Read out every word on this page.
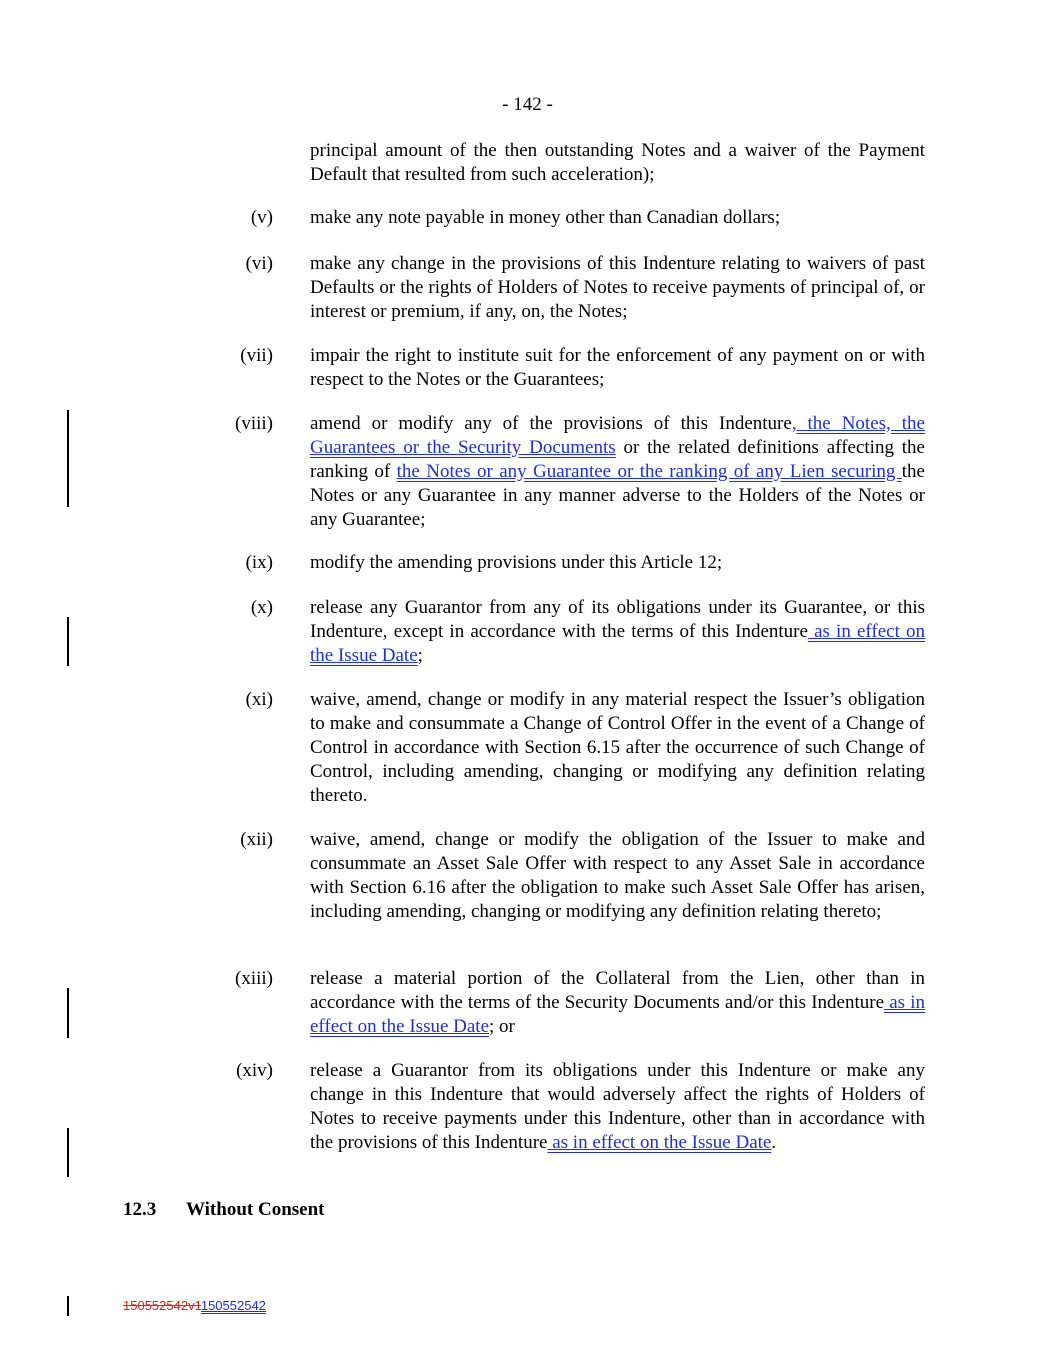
- 142 -
principal amount of the then outstanding Notes and a waiver of the Payment Default that resulted from such acceleration);
(v) make any note payable in money other than Canadian dollars;
(vi) make any change in the provisions of this Indenture relating to waivers of past Defaults or the rights of Holders of Notes to receive payments of principal of, or interest or premium, if any, on, the Notes;
(vii) impair the right to institute suit for the enforcement of any payment on or with respect to the Notes or the Guarantees;
(viii) amend or modify any of the provisions of this Indenture, the Notes, the Guarantees or the Security Documents or the related definitions affecting the ranking of the Notes or any Guarantee or the ranking of any Lien securing the Notes or any Guarantee in any manner adverse to the Holders of the Notes or any Guarantee;
(ix) modify the amending provisions under this Article 12;
(x) release any Guarantor from any of its obligations under its Guarantee, or this Indenture, except in accordance with the terms of this Indenture as in effect on the Issue Date;
(xi) waive, amend, change or modify in any material respect the Issuer’s obligation to make and consummate a Change of Control Offer in the event of a Change of Control in accordance with Section 6.15 after the occurrence of such Change of Control, including amending, changing or modifying any definition relating thereto.
(xii) waive, amend, change or modify the obligation of the Issuer to make and consummate an Asset Sale Offer with respect to any Asset Sale in accordance with Section 6.16 after the obligation to make such Asset Sale Offer has arisen, including amending, changing or modifying any definition relating thereto;
(xiii) release a material portion of the Collateral from the Lien, other than in accordance with the terms of the Security Documents and/or this Indenture as in effect on the Issue Date; or
(xiv) release a Guarantor from its obligations under this Indenture or make any change in this Indenture that would adversely affect the rights of Holders of Notes to receive payments under this Indenture, other than in accordance with the provisions of this Indenture as in effect on the Issue Date.
12.3 Without Consent
150552542v1150552542
